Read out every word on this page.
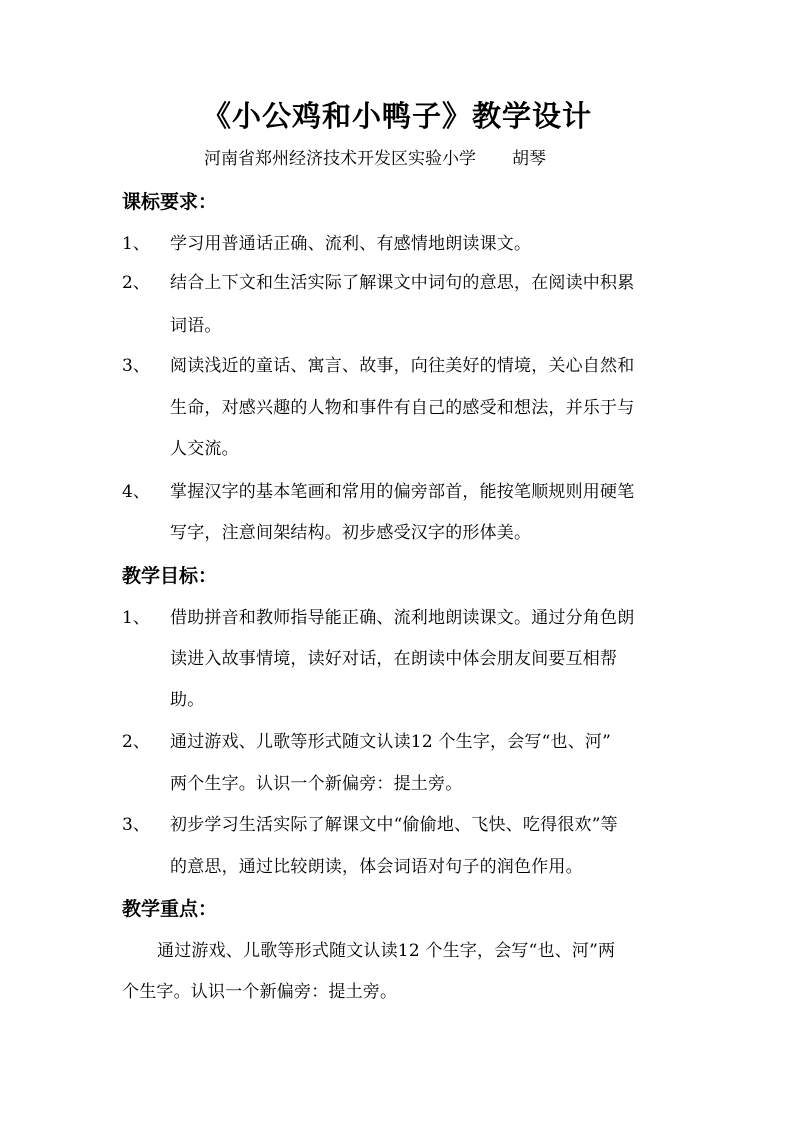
《小公鸡和小鸭子》教学设计
河南省郑州经济技术开发区实验小学 胡琴
课标要求：
1、 学习用普通话正确、流利、有感情地朗读课文。
2、 结合上下文和生活实际了解课文中词句的意思，在阅读中积累
词语。
3、 阅读浅近的童话、寓言、故事，向往美好的情境，关心自然和
生命，对感兴趣的人物和事件有自己的感受和想法，并乐于与
人交流。
4、 掌握汉字的基本笔画和常用的偏旁部首，能按笔顺规则用硬笔
写字，注意间架结构。初步感受汉字的形体美。
教学目标：
1、 借助拼音和教师指导能正确、流利地朗读课文。通过分角色朗
读进入故事情境，读好对话，在朗读中体会朋友间要互相帮
助。
2、 通过游戏、儿歌等形式随文认读12 个生字，会写“也、河”
两个生字。认识一个新偏旁：提土旁。
3、 初步学习生活实际了解课文中“偷偷地、飞快、吃得很欢”等
的意思，通过比较朗读，体会词语对句子的润色作用。
教学重点：
通过游戏、儿歌等形式随文认读12 个生字，会写“也、河”两
个生字。认识一个新偏旁：提土旁。
